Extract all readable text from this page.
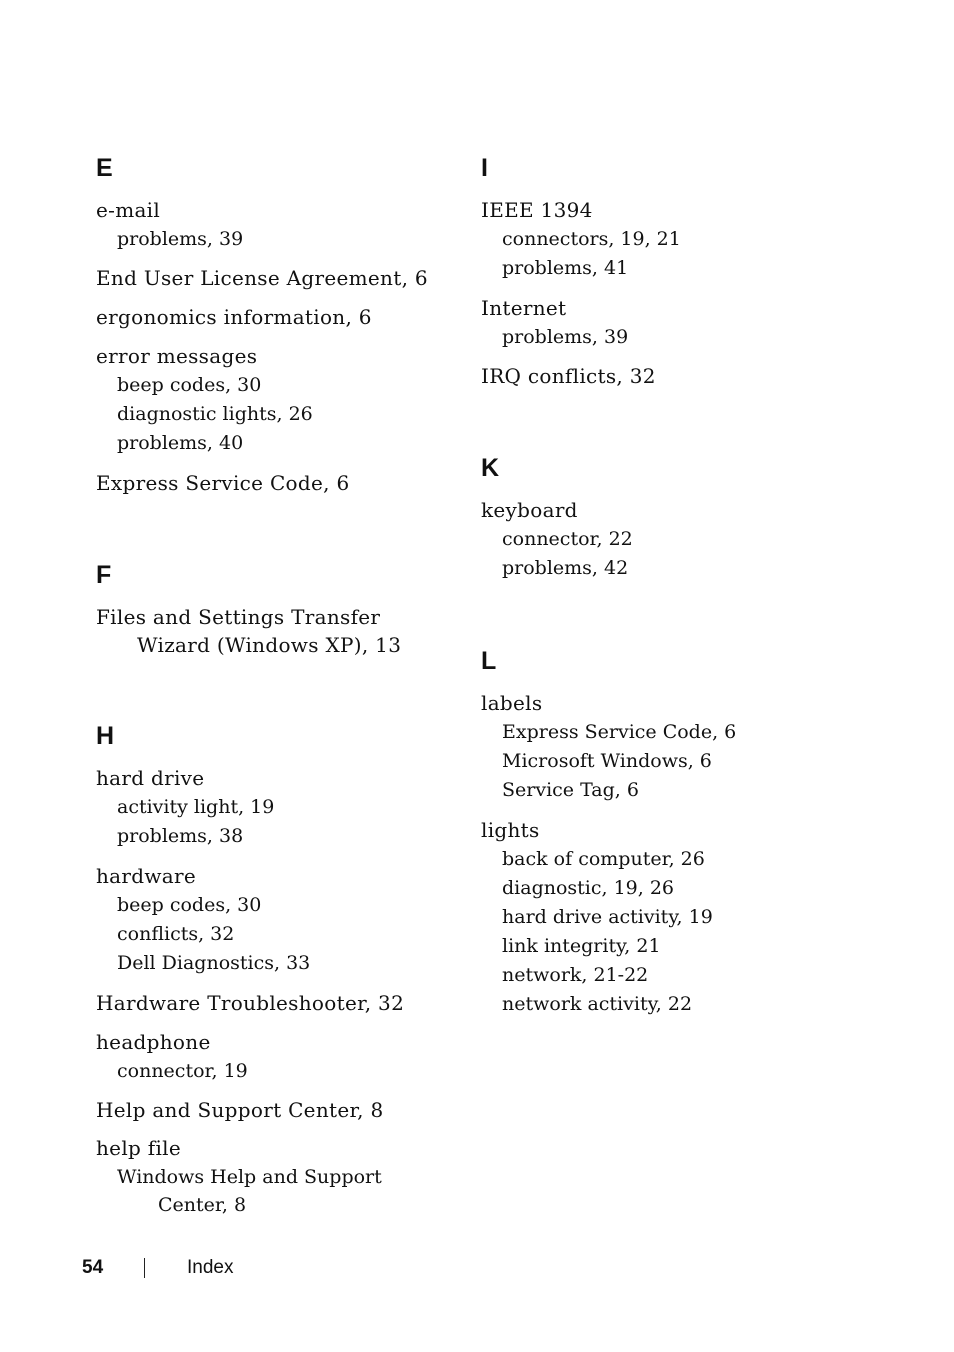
E
e-mail
problems, 39
End User License Agreement, 6
ergonomics information, 6
error messages
beep codes, 30
diagnostic lights, 26
problems, 40
Express Service Code, 6
F
Files and Settings Transfer
Wizard (Windows XP), 13
H
hard drive
activity light, 19
problems, 38
hardware
beep codes, 30
conflicts, 32
Dell Diagnostics, 33
Hardware Troubleshooter, 32
headphone
connector, 19
Help and Support Center, 8
help file
Windows Help and Support
Center, 8
I
IEEE 1394
connectors, 19, 21
problems, 41
Internet
problems, 39
IRQ conflicts, 32
K
keyboard
connector, 22
problems, 42
L
labels
Express Service Code, 6
Microsoft Windows, 6
Service Tag, 6
lights
back of computer, 26
diagnostic, 19, 26
hard drive activity, 19
link integrity, 21
network, 21-22
network activity, 22
54	Index
